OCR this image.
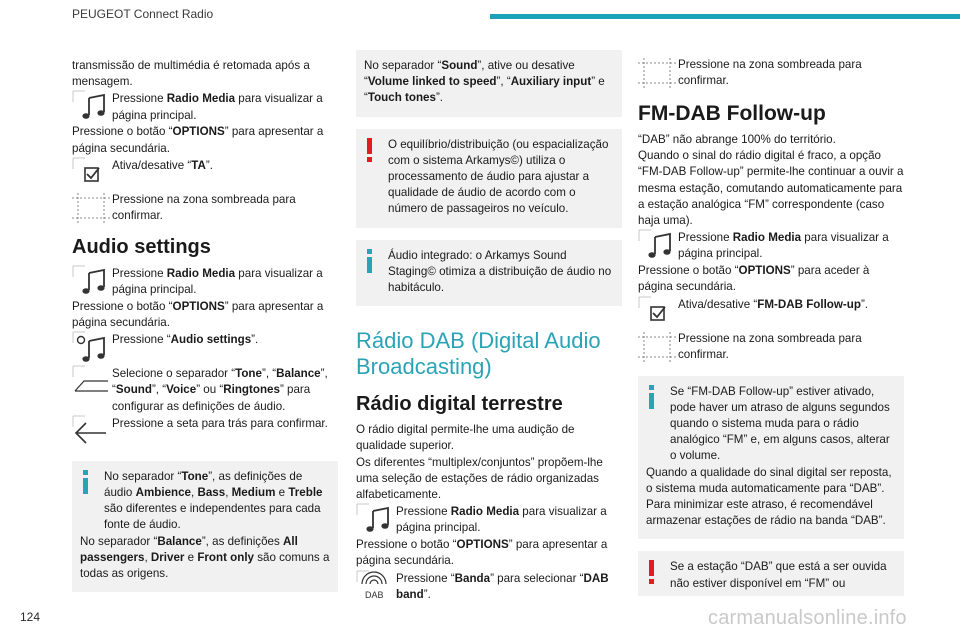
PEUGEOT Connect Radio

transmissão de multimédia é retomada após a mensagem.

Pressione Radio Media para visualizar a página principal.

Pressione o botão “OPTIONS” para apresentar a página secundária.

Ativa/desative “TA”.
Pressione na zona sombreada para confirmar.
Audio settings
Pressione Radio Media para visualizar a página principal.

Pressione o botão “OPTIONS” para apresentar a página secundária.

Pressione “Audio settings”.
Selecione o separador “Tone”, “Balance”, “Sound”, “Voice” ou “Ringtones” para configurar as definições de áudio.
Pressione a seta para trás para confirmar.

No separador “Tone”, as definições de áudio Ambience, Bass, Medium e Treble são diferentes e independentes para cada fonte de áudio.

No separador “Balance”, as definições All passengers, Driver e Front only são comuns a todas as origens.

No separador “Sound”, ative ou desative “Volume linked to speed”, “Auxiliary input” e “Touch tones”.

O equilíbrio/distribuição (ou espacialização com o sistema Arkamys©) utiliza o processamento de áudio para ajustar a qualidade de áudio de acordo com o número de passageiros no veículo.

Áudio integrado: o Arkamys Sound Staging© otimiza a distribuição de áudio no habitáculo.

Rádio DAB (Digital Audio Broadcasting)
Rádio digital terrestre

O rádio digital permite-lhe uma audição de qualidade superior.

Os diferentes “multiplex/conjuntos” propõem-lhe uma seleção de estações de rádio organizadas alfabeticamente.

Pressione Radio Media para visualizar a página principal.

Pressione o botão “OPTIONS” para apresentar a página secundária.

DAB
Pressione “Banda” para selecionar “DAB band”.
Pressione na zona sombreada para confirmar.
FM-DAB Follow-up

“DAB” não abrange 100% do território.

Quando o sinal do rádio digital é fraco, a opção “FM-DAB Follow-up” permite-lhe continuar a ouvir a mesma estação, comutando automaticamente para a estação analógica “FM” correspondente (caso haja uma).

Pressione Radio Media para visualizar a página principal.

Pressione o botão “OPTIONS” para aceder à página secundária.

Ativa/desative “FM-DAB Follow-up”.
Pressione na zona sombreada para confirmar.

Se “FM-DAB Follow-up” estiver ativado, pode haver um atraso de alguns segundos quando o sistema muda para o rádio analógico “FM” e, em alguns casos, alterar o volume.

Quando a qualidade do sinal digital ser reposta, o sistema muda automaticamente para “DAB”.

Para minimizar este atraso, é recomendável armazenar estações de rádio na banda “DAB”.

Se a estação “DAB” que está a ser ouvida não estiver disponível em “FM” ou

124	carmanualsonline.info
